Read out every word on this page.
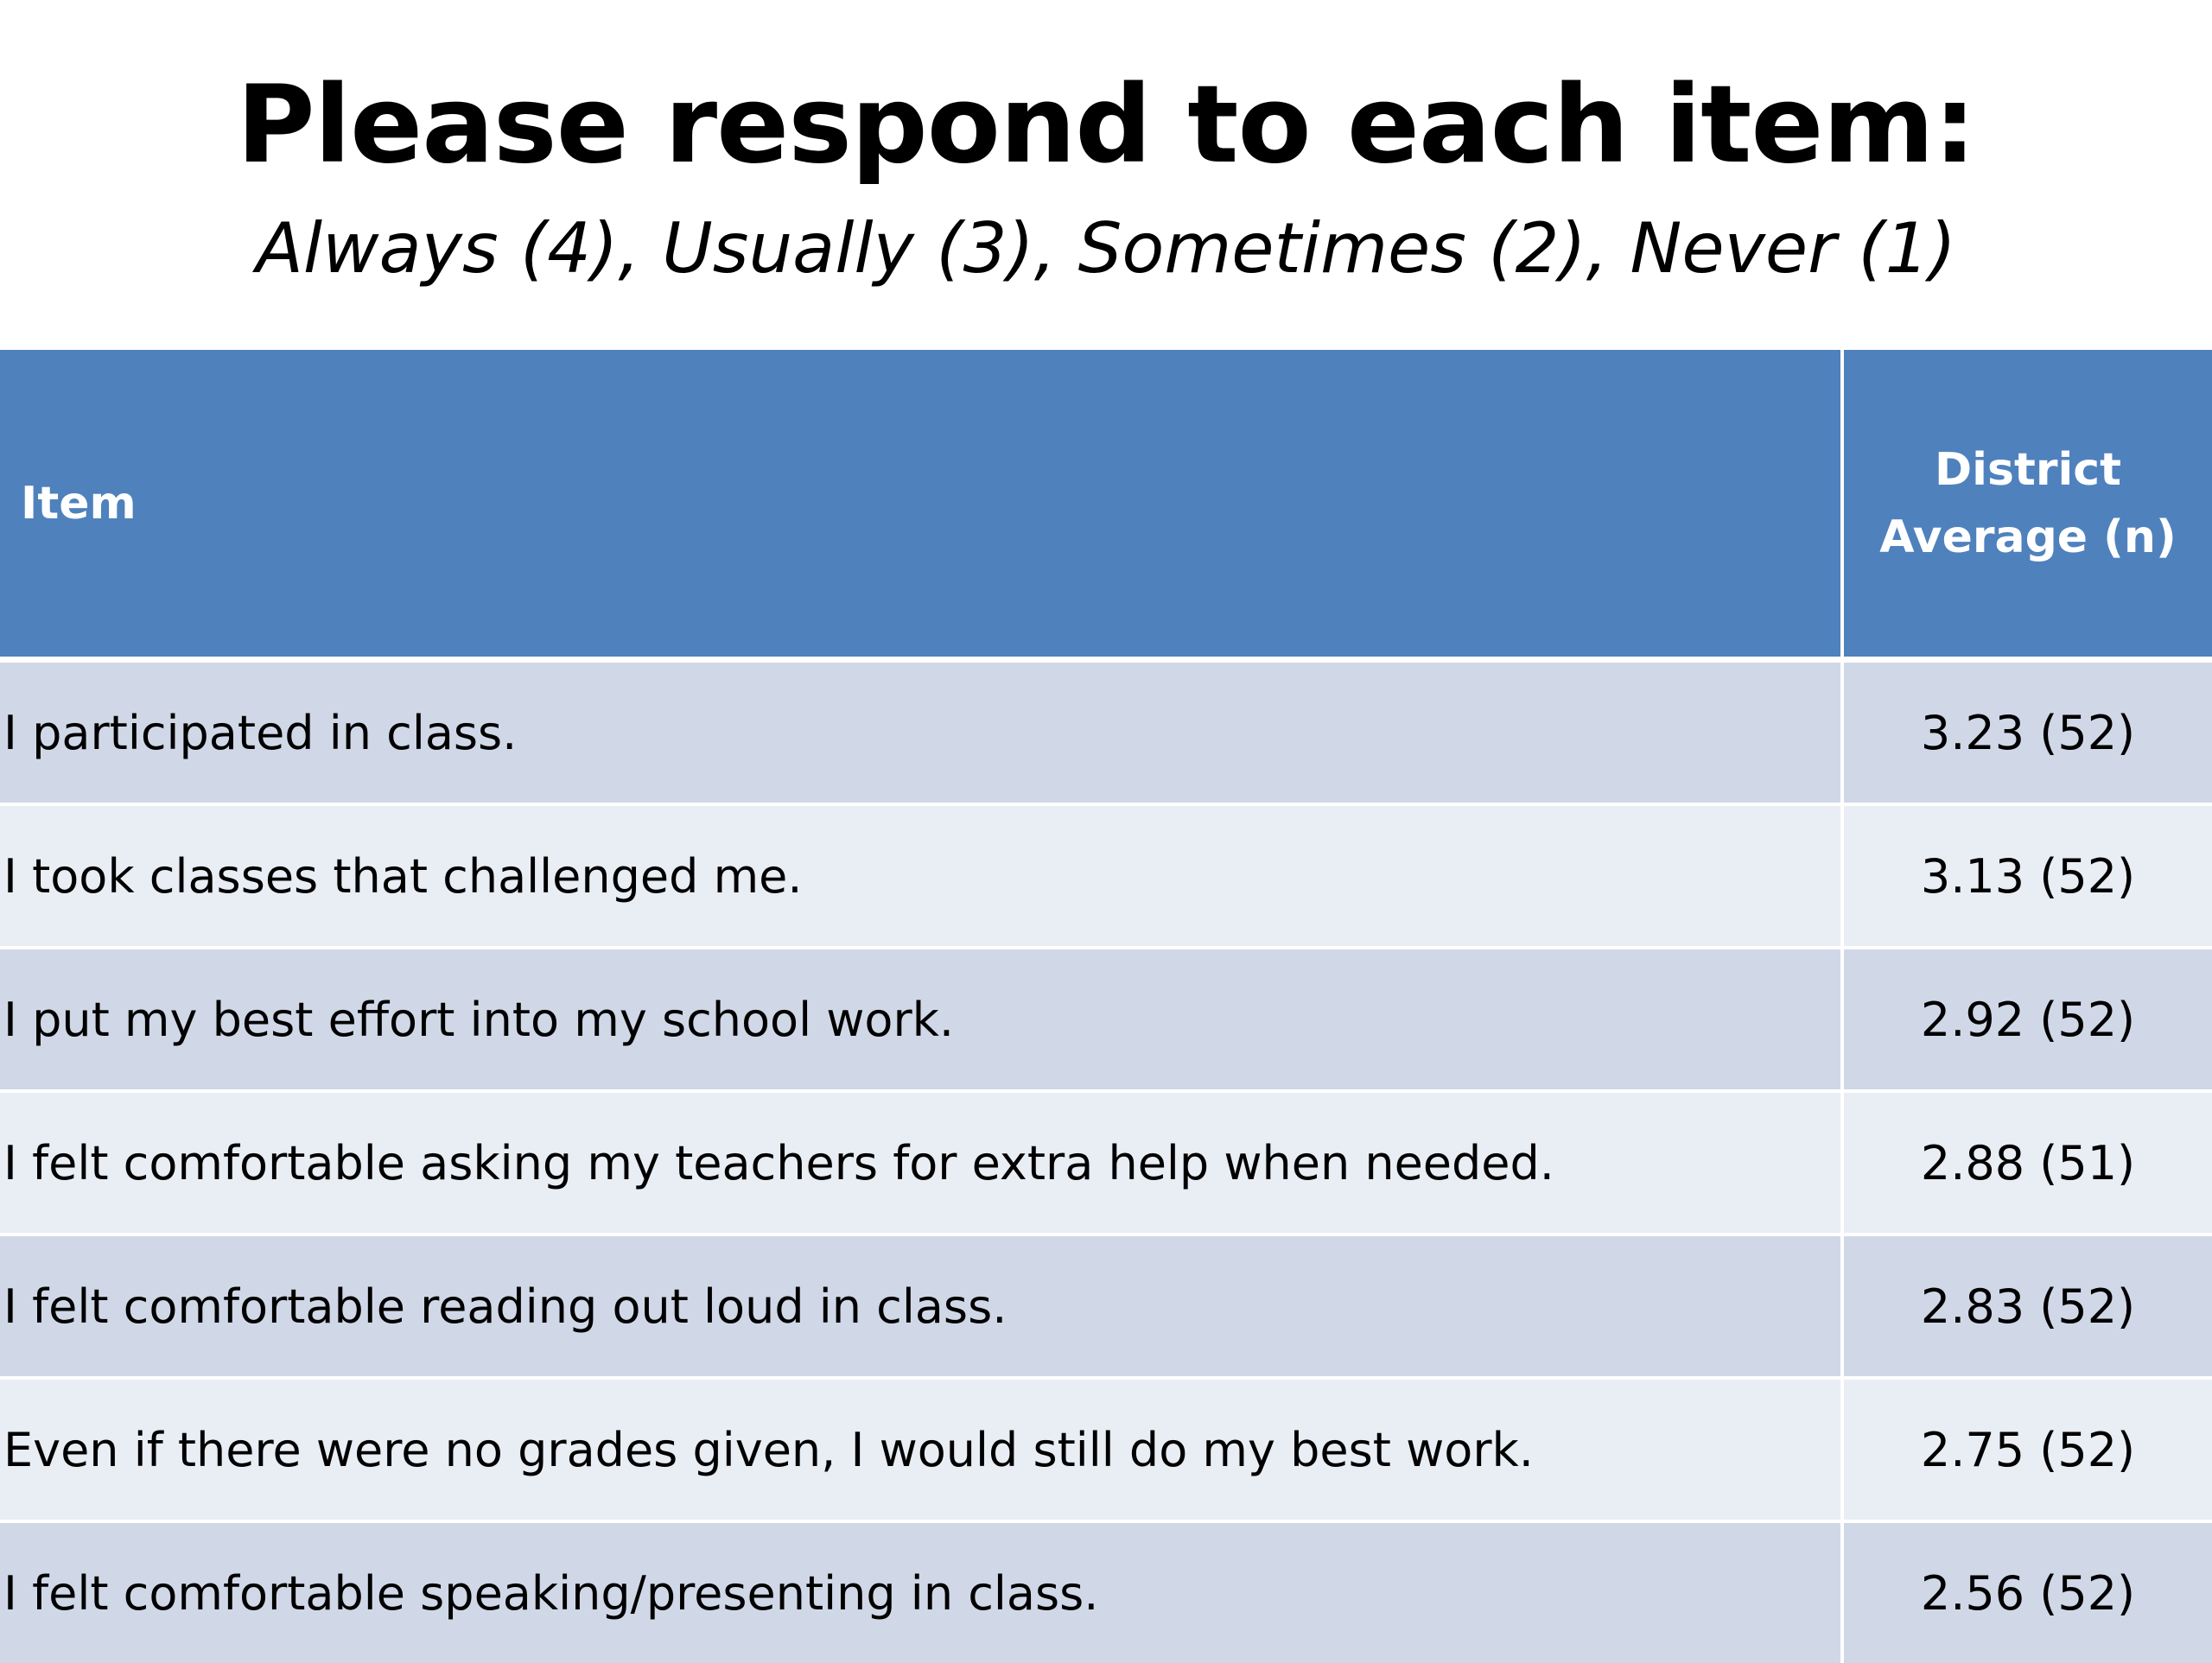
Please respond to each item:

Always (4), Usually (3), Sometimes (2), Never (1)

Item	District
Average (n)
I participated in class.	3.23 (52)
I took classes that challenged me.	3.13 (52)
I put my best effort into my school work.	2.92 (52)
I felt comfortable asking my teachers for extra help when needed.	2.88 (51)
I felt comfortable reading out loud in class.	2.83 (52)
Even if there were no grades given, I would still do my best work.	2.75 (52)
I felt comfortable speaking/presenting in class.	2.56 (52)
